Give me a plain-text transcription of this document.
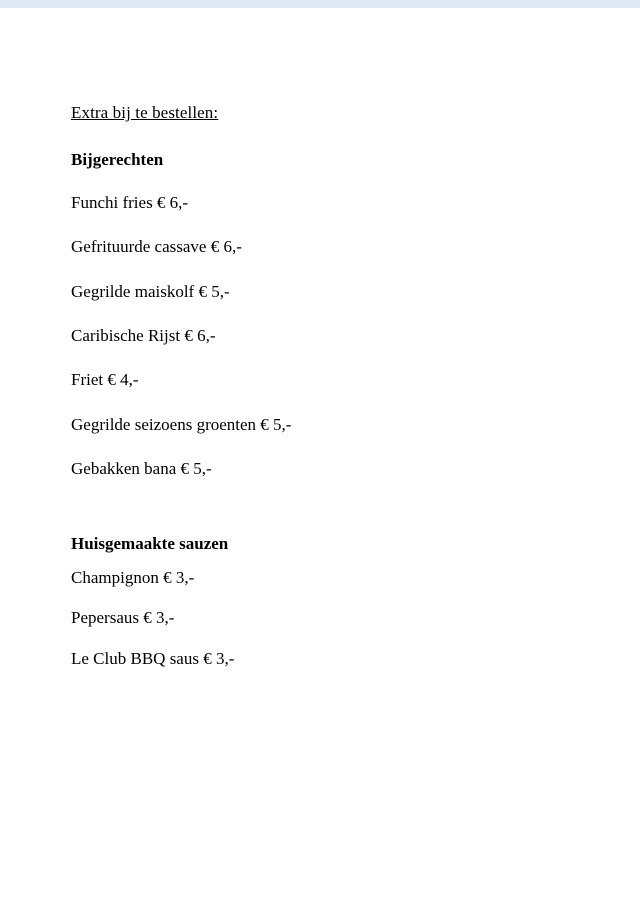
Extra bij te bestellen:
Bijgerechten
Funchi fries € 6,-
Gefrituurde cassave € 6,-
Gegrilde maiskolf € 5,-
Caribische Rijst € 6,-
Friet € 4,-
Gegrilde seizoens groenten € 5,-
Gebakken bana € 5,-
Huisgemaakte sauzen
Champignon € 3,-
Pepersaus € 3,-
Le Club BBQ saus € 3,-
